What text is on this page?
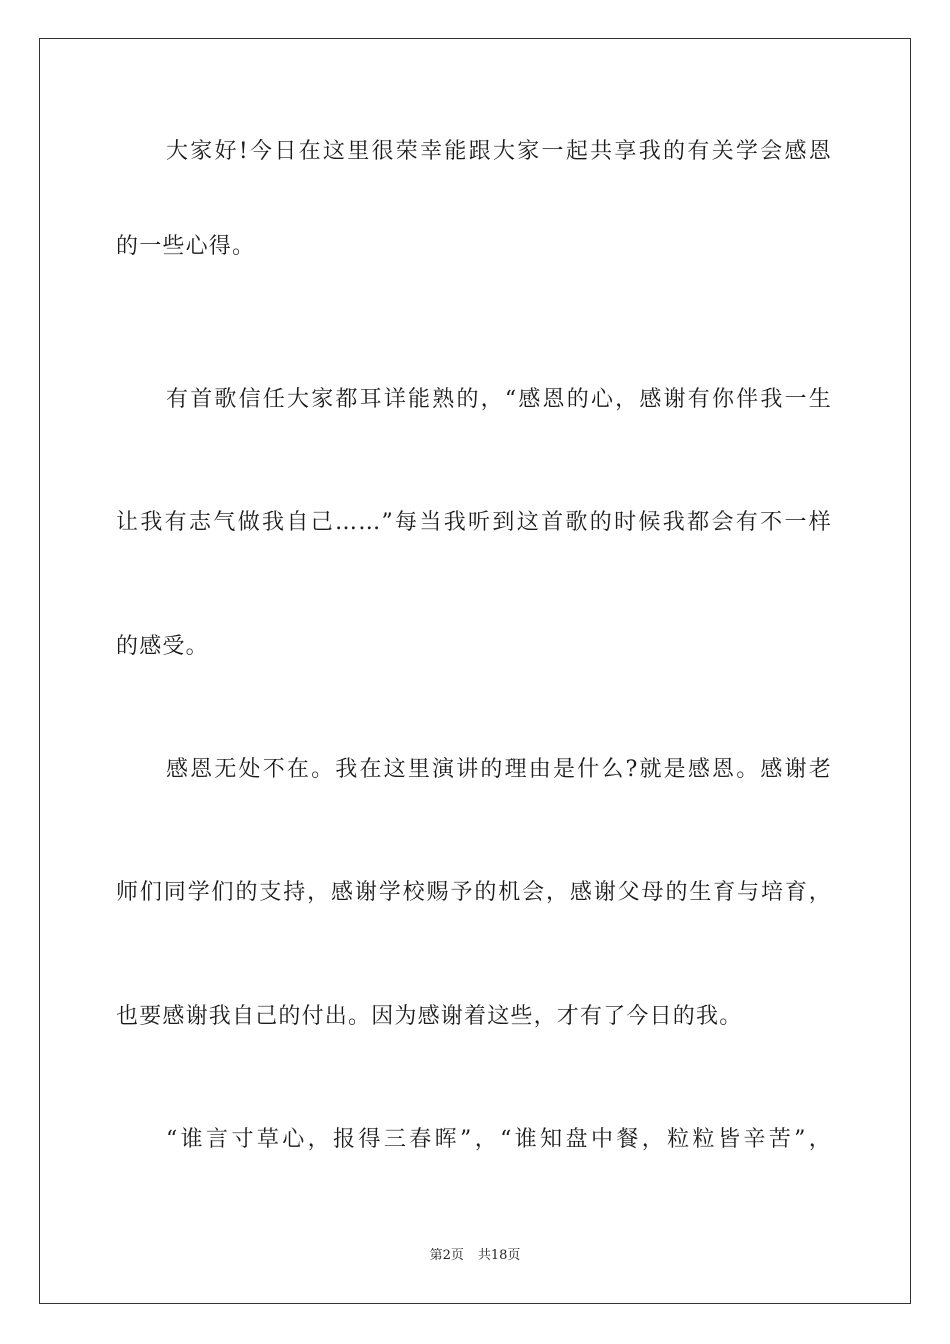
大家好!今日在这里很荣幸能跟大家一起共享我的有关学会感恩
的一些心得。
有首歌信任大家都耳详能熟的，“感恩的心，感谢有你伴我一生
让我有志气做我自己……”每当我听到这首歌的时候我都会有不一样
的感受。
感恩无处不在。我在这里演讲的理由是什么?就是感恩。感谢老
师们同学们的支持，感谢学校赐予的机会，感谢父母的生育与培育，
也要感谢我自己的付出。因为感谢着这些，才有了今日的我。
“谁言寸草心，报得三春晖”，“谁知盘中餐，粒粒皆辛苦”，
第2页 共18页
